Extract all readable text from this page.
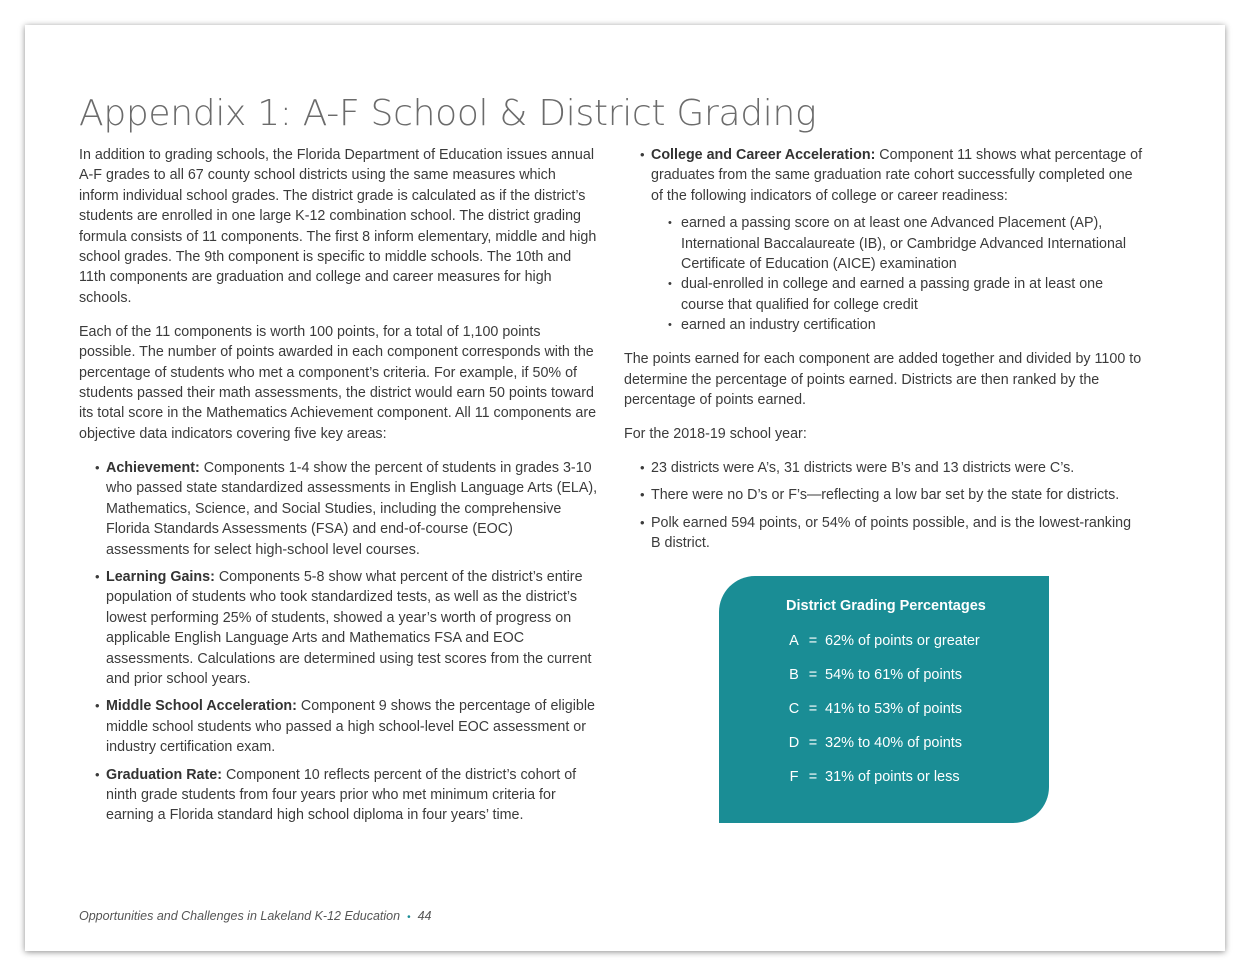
Appendix 1: A-F School & District Grading

In addition to grading schools, the Florida Department of Education issues annual A-F grades to all 67 county school districts using the same measures which inform individual school grades. The district grade is calculated as if the district’s students are enrolled in one large K-12 combination school. The district grading formula consists of 11 components. The first 8 inform elementary, middle and high school grades. The 9th component is specific to middle schools. The 10th and 11th components are graduation and college and career measures for high schools.

Each of the 11 components is worth 100 points, for a total of 1,100 points possible. The number of points awarded in each component corresponds with the percentage of students who met a component’s criteria. For example, if 50% of students passed their math assessments, the district would earn 50 points toward its total score in the Mathematics Achievement component. All 11 components are objective data indicators covering five key areas:

• Achievement: Components 1-4 show the percent of students in grades 3-10 who passed state standardized assessments in English Language Arts (ELA), Mathematics, Science, and Social Studies, including the comprehensive Florida Standards Assessments (FSA) and end-of-course (EOC) assessments for select high-school level courses.
• Learning Gains: Components 5-8 show what percent of the district’s entire population of students who took standardized tests, as well as the district’s lowest performing 25% of students, showed a year’s worth of progress on applicable English Language Arts and Mathematics FSA and EOC assessments. Calculations are determined using test scores from the current and prior school years.
• Middle School Acceleration: Component 9 shows the percentage of eligible middle school students who passed a high school-level EOC assessment or industry certification exam.
• Graduation Rate: Component 10 reflects percent of the district’s cohort of ninth grade students from four years prior who met minimum criteria for earning a Florida standard high school diploma in four years’ time.
• College and Career Acceleration: Component 11 shows what percentage of graduates from the same graduation rate cohort successfully completed one of the following indicators of college or career readiness:
• earned a passing score on at least one Advanced Placement (AP), International Baccalaureate (IB), or Cambridge Advanced International Certificate of Education (AICE) examination
• dual-enrolled in college and earned a passing grade in at least one course that qualified for college credit
• earned an industry certification

The points earned for each component are added together and divided by 1100 to determine the percentage of points earned. Districts are then ranked by the percentage of points earned.

For the 2018-19 school year:

• 23 districts were A’s, 31 districts were B’s and 13 districts were C’s.
• There were no D’s or F’s—reflecting a low bar set by the state for districts.
• Polk earned 594 points, or 54% of points possible, and is the lowest-ranking B district.
District Grading Percentages
A = 62% of points or greater
B = 54% to 61% of points
C = 41% to 53% of points
D = 32% to 40% of points
F = 31% of points or less
Opportunities and Challenges in Lakeland K-12 Education • 44
